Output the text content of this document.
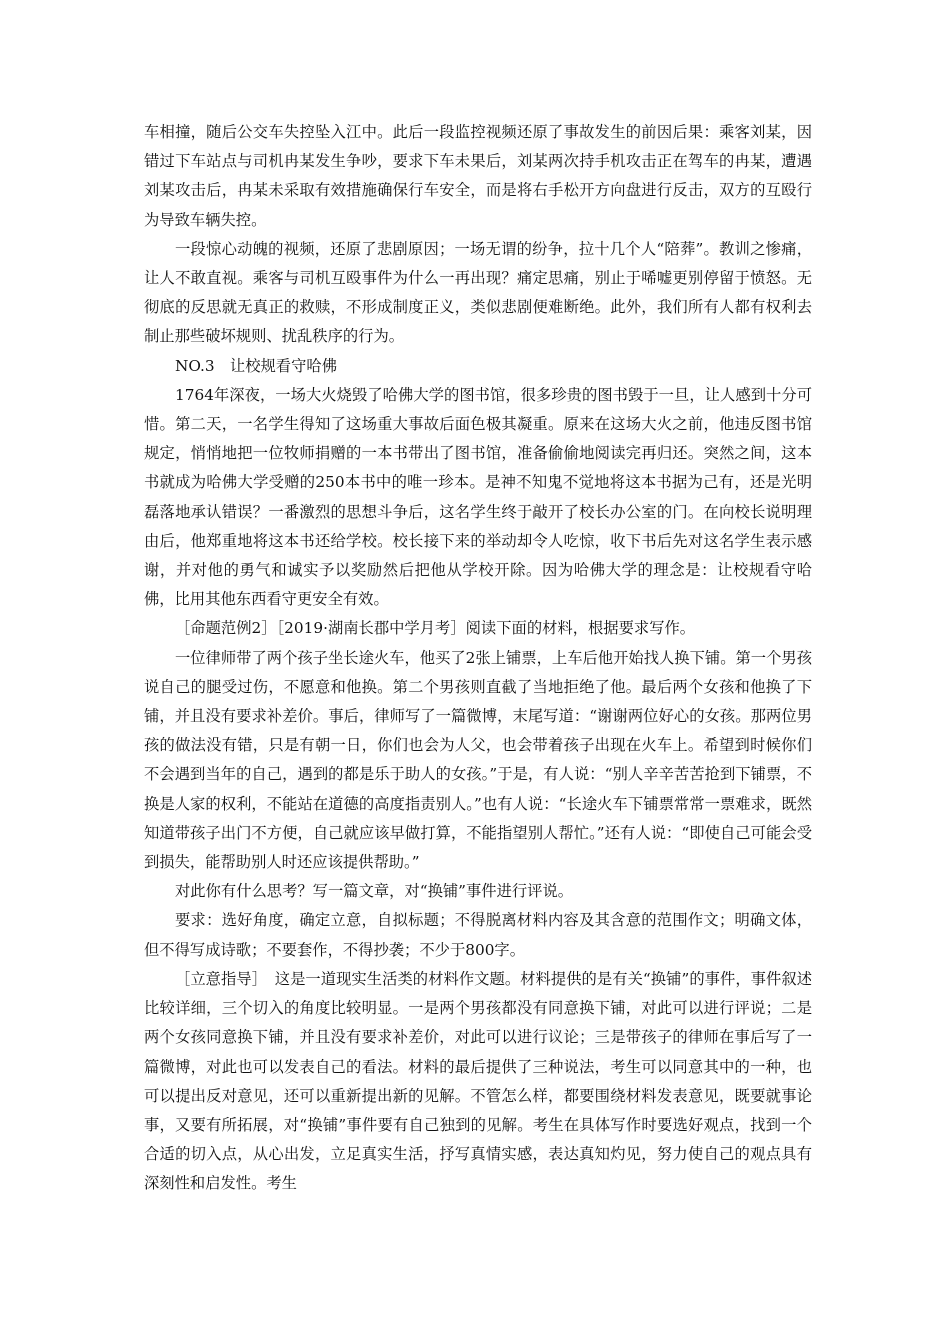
车相撞，随后公交车失控坠入江中。此后一段监控视频还原了事故发生的前因后果：乘客刘某，因错过下车站点与司机冉某发生争吵，要求下车未果后，刘某两次持手机攻击正在驾车的冉某，遭遇刘某攻击后，冉某未采取有效措施确保行车安全，而是将右手松开方向盘进行反击，双方的互殴行为导致车辆失控。

一段惊心动魄的视频，还原了悲剧原因；一场无谓的纷争，拉十几个人“陪葬”。教训之惨痛，让人不敢直视。乘客与司机互殴事件为什么一再出现？痛定思痛，别止于唏嘘更别停留于愤怒。无彻底的反思就无真正的救赎，不形成制度正义，类似悲剧便难断绝。此外，我们所有人都有权利去制止那些破坏规则、扰乱秩序的行为。

NO.3　让校规看守哈佛

1764年深夜，一场大火烧毁了哈佛大学的图书馆，很多珍贵的图书毁于一旦，让人感到十分可惜。第二天，一名学生得知了这场重大事故后面色极其凝重。原来在这场大火之前，他违反图书馆规定，悄悄地把一位牧师捐赠的一本书带出了图书馆，准备偷偷地阅读完再归还。突然之间，这本书就成为哈佛大学受赠的250本书中的唯一珍本。是神不知鬼不觉地将这本书据为己有，还是光明磊落地承认错误？一番激烈的思想斗争后，这名学生终于敲开了校长办公室的门。在向校长说明理由后，他郑重地将这本书还给学校。校长接下来的举动却令人吃惊，收下书后先对这名学生表示感谢，并对他的勇气和诚实予以奖励然后把他从学校开除。因为哈佛大学的理念是：让校规看守哈佛，比用其他东西看守更安全有效。

［命题范例2］［2019·湖南长郡中学月考］阅读下面的材料，根据要求写作。

一位律师带了两个孩子坐长途火车，他买了2张上铺票，上车后他开始找人换下铺。第一个男孩说自己的腿受过伤，不愿意和他换。第二个男孩则直截了当地拒绝了他。最后两个女孩和他换了下铺，并且没有要求补差价。事后，律师写了一篇微博，末尾写道：“谢谢两位好心的女孩。那两位男孩的做法没有错，只是有朝一日，你们也会为人父，也会带着孩子出现在火车上。希望到时候你们不会遇到当年的自己，遇到的都是乐于助人的女孩。”于是，有人说：“别人辛辛苦苦抢到下铺票，不换是人家的权利，不能站在道德的高度指责别人。”也有人说：“长途火车下铺票常常一票难求，既然知道带孩子出门不方便，自己就应该早做打算，不能指望别人帮忙。”还有人说：“即使自己可能会受到损失，能帮助别人时还应该提供帮助。”

对此你有什么思考？写一篇文章，对“换铺”事件进行评说。

要求：选好角度，确定立意，自拟标题；不得脱离材料内容及其含意的范围作文；明确文体，但不得写成诗歌；不要套作，不得抄袭；不少于800字。

［立意指导］　这是一道现实生活类的材料作文题。材料提供的是有关“换铺”的事件，事件叙述比较详细，三个切入的角度比较明显。一是两个男孩都没有同意换下铺，对此可以进行评说；二是两个女孩同意换下铺，并且没有要求补差价，对此可以进行议论；三是带孩子的律师在事后写了一篇微博，对此也可以发表自己的看法。材料的最后提供了三种说法，考生可以同意其中的一种，也可以提出反对意见，还可以重新提出新的见解。不管怎么样，都要围绕材料发表意见，既要就事论事，又要有所拓展，对“换铺”事件要有自己独到的见解。考生在具体写作时要选好观点，找到一个合适的切入点，从心出发，立足真实生活，抒写真情实感，表达真知灼见，努力使自己的观点具有深刻性和启发性。考生
